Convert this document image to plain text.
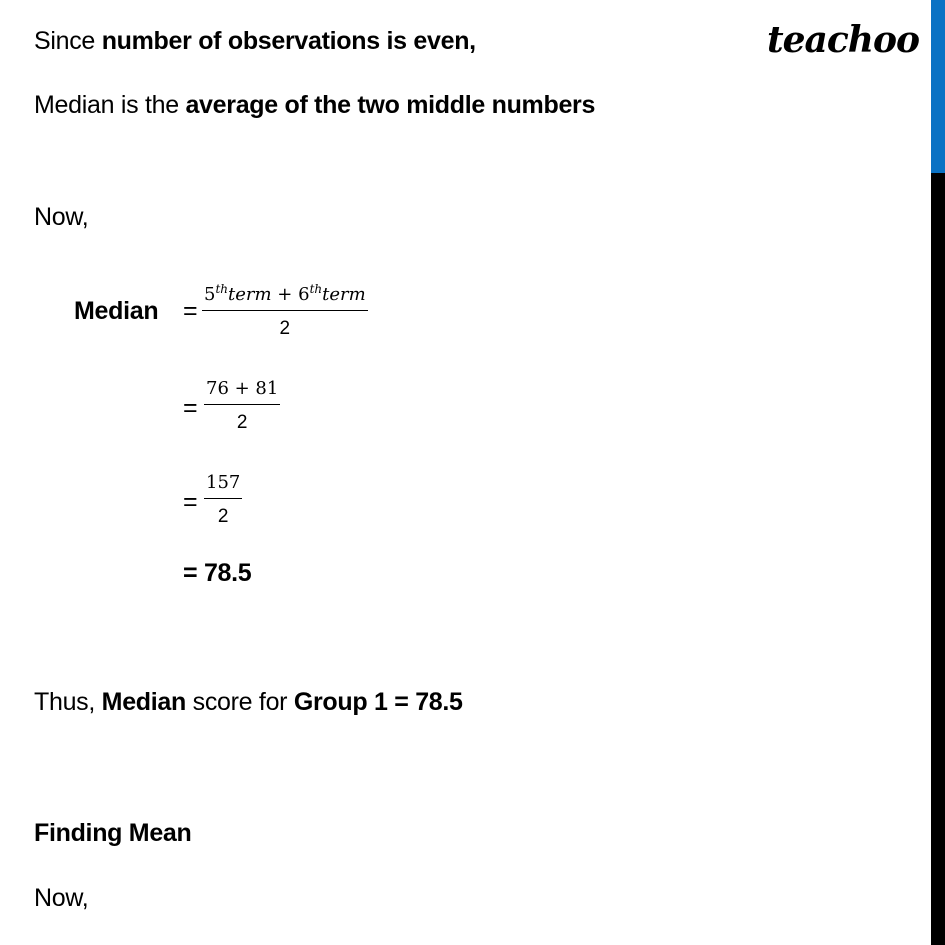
teachoo
Since number of observations is even,
Median is the average of the two middle numbers
Now,
Median =
5thterm + 6thterm
2
= $\frac{76 + 81}{2}$
= $\frac{157}{2}$
= 78.5
Thus, Median score for Group 1 = 78.5
Finding Mean
Now,
